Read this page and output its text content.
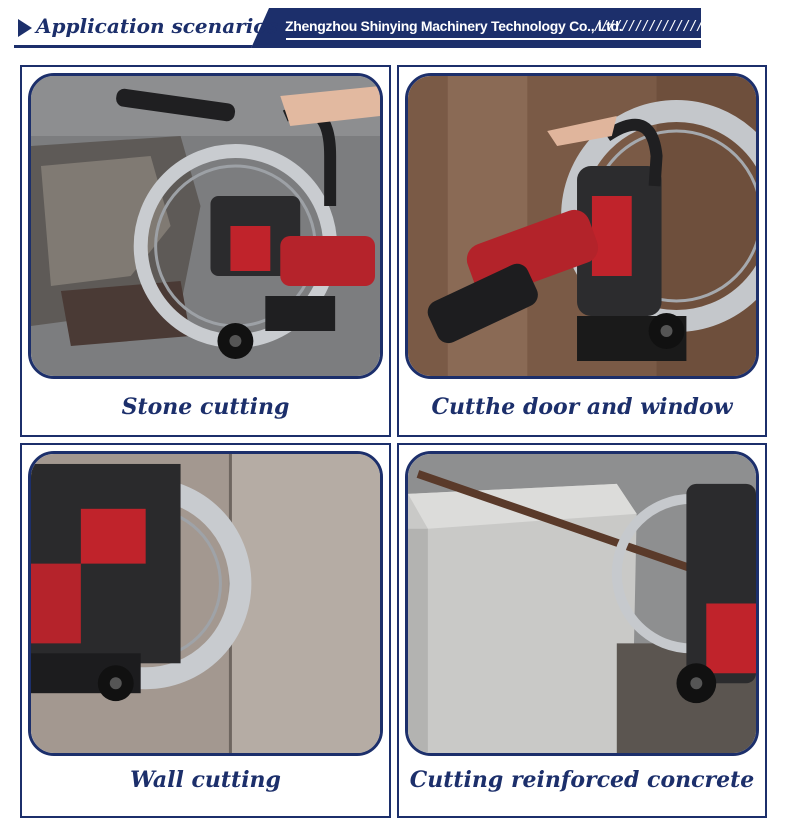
Application scenarios Zhengzhou Shinying Machinery Technology Co., Ltd.
//////////////////
Stone cutting	Cutthe door and window
Wall cutting	Cutting reinforced concrete
